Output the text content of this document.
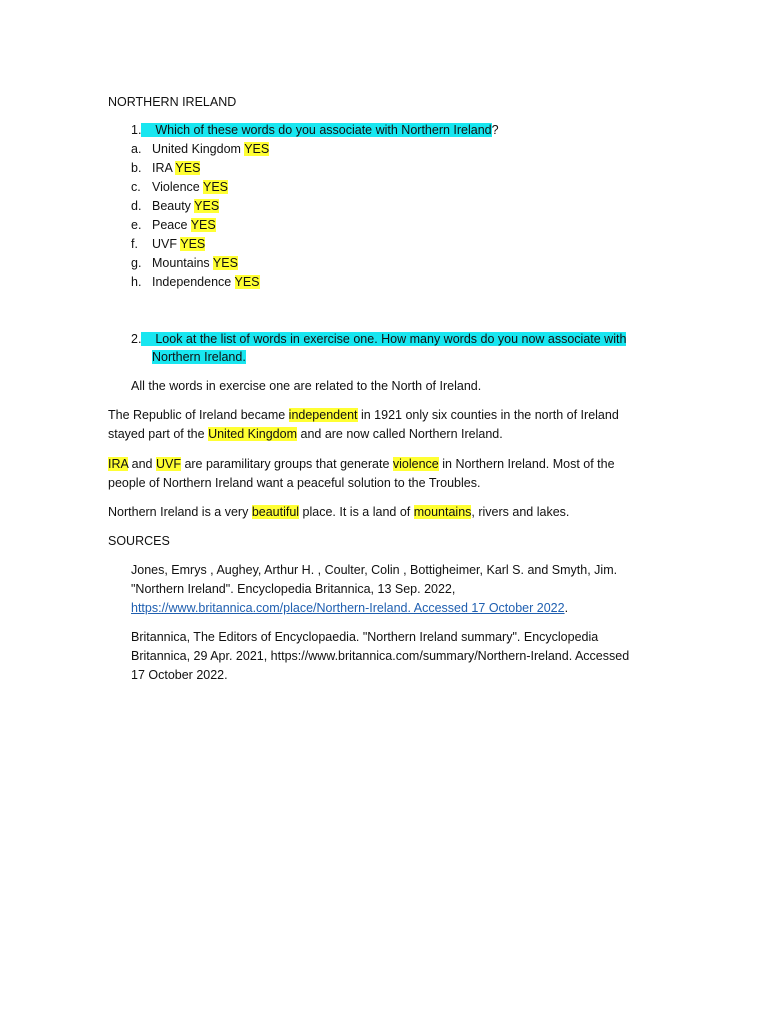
NORTHERN IRELAND
1. Which of these words do you associate with Northern Ireland?
a. United Kingdom YES
b. IRA YES
c. Violence YES
d. Beauty YES
e. Peace YES
f. UVF YES
g. Mountains YES
h. Independence YES
2. Look at the list of words in exercise one. How many words do you now associate with
Northern Ireland.
All the words in exercise one are related to the North of Ireland.
The Republic of Ireland became independent in 1921 only six counties in the north of Ireland
stayed part of the United Kingdom and are now called Northern Ireland.
IRA and UVF are paramilitary groups that generate violence in Northern Ireland. Most of the
people of Northern Ireland want a peaceful solution to the Troubles.
Northern Ireland is a very beautiful place. It is a land of mountains, rivers and lakes.
SOURCES
Jones, Emrys , Aughey, Arthur H. , Coulter, Colin , Bottigheimer, Karl S. and Smyth, Jim.
"Northern Ireland". Encyclopedia Britannica, 13 Sep. 2022,
https://www.britannica.com/place/Northern-Ireland. Accessed 17 October 2022.
Britannica, The Editors of Encyclopaedia. "Northern Ireland summary". Encyclopedia
Britannica, 29 Apr. 2021, https://www.britannica.com/summary/Northern-Ireland. Accessed
17 October 2022.
